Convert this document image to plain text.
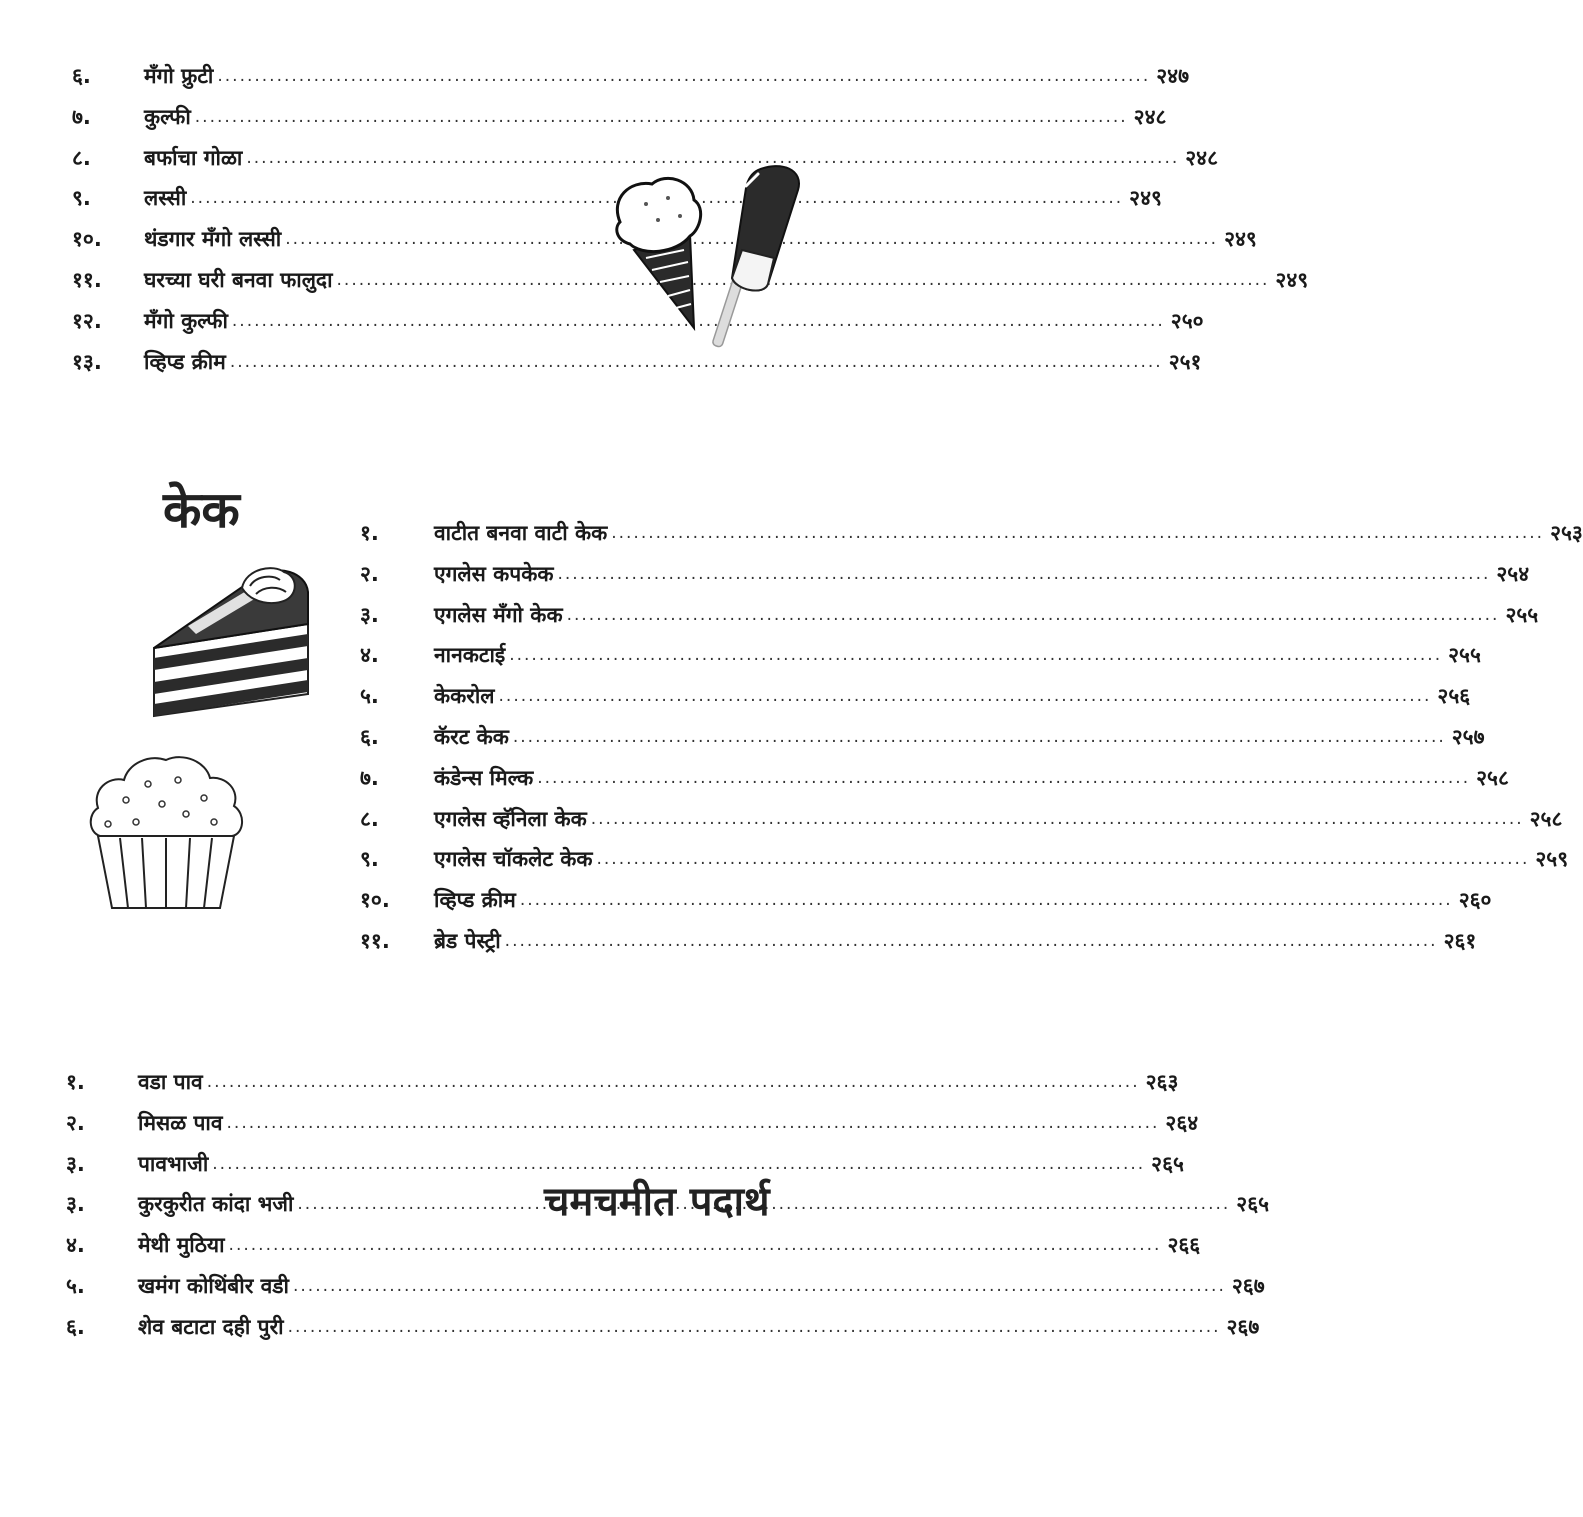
६.	मँगो फ्रुटी .....	२४७
७.	कुल्फी .....	२४८
८.	बर्फाचा गोळा .....	२४८
९.	लस्सी .....	२४९
१०. थंडगार मँगो लस्सी .....	२४९
११. घरच्या घरी बनवा फालुदा .....	२४९
१२. मँगो कुल्फी .....	२५०
१३. व्हिप्ड क्रीम .....	२५१
केक	१.	वाटीत बनवा वाटी केक .....	२५३
२.	एगलेस कपकेक .....	२५४
३.	एगलेस मँगो केक .....	२५५
४.	नानकटाई .....	२५५
५.	केकरोल .....	२५६
६.	कॅरट केक .....	२५७
७.	कंडेन्स मिल्क .....	२५८
८.	एगलेस व्हॅनिला केक .....	२५८
९.	एगलेस चॉकलेट केक .....	२५९
१०. व्हिप्ड क्रीम .....	२६०
११. ब्रेड पेस्ट्री .....	२६१
१.	वडा पाव .....	२६३
२.	मिसळ पाव .....	२६४
३.	पावभाजी .....	२६५
३.	कुरकुरीत कांदा भजी .....	२६५
४.	मेथी मुठिया .....	२६६
५.	खमंग कोथिंबीर वडी .....	२६७
६.	शेव बटाटा दही पुरी .....	२६७
चमचमीत पदार्थ
